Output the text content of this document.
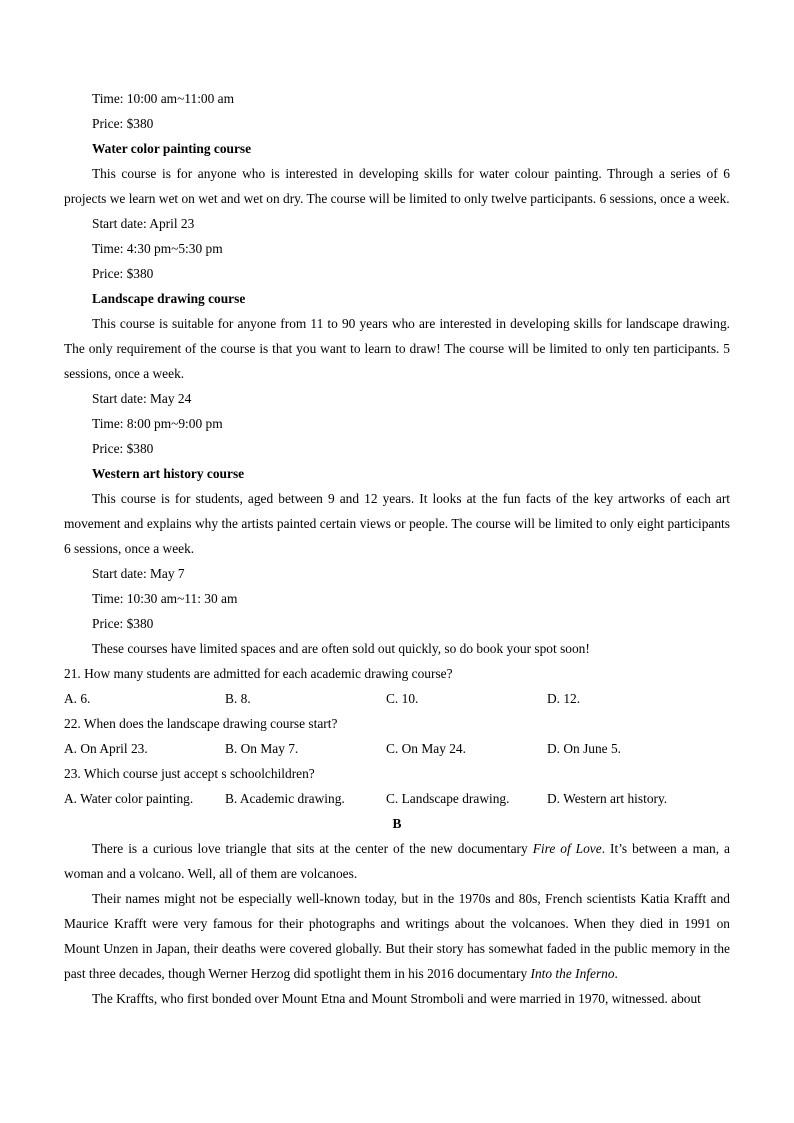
Time: 10:00 am~11:00 am
Price: $380
Water color painting course

This course is for anyone who is interested in developing skills for water colour painting. Through a series of 6 projects we learn wet on wet and wet on dry. The course will be limited to only twelve participants. 6 sessions, once a week.

Start date: April 23
Time: 4:30 pm~5:30 pm
Price: $380
Landscape drawing course

This course is suitable for anyone from 11 to 90 years who are interested in developing skills for landscape drawing. The only requirement of the course is that you want to learn to draw! The course will be limited to only ten participants. 5 sessions, once a week.

Start date: May 24
Time: 8:00 pm~9:00 pm
Price: $380
Western art history course

This course is for students, aged between 9 and 12 years. It looks at the fun facts of the key artworks of each art movement and explains why the artists painted certain views or people. The course will be limited to only eight participants 6 sessions, once a week.

Start date: May 7
Time: 10:30 am~11: 30 am
Price: $380
These courses have limited spaces and are often sold out quickly, so do book your spot soon!
21. How many students are admitted for each academic drawing course?
A. 6.	B. 8.	C. 10.	D. 12.
22. When does the landscape drawing course start?
A. On April 23.	B. On May 7.	C. On May 24.	D. On June 5.
23. Which course just accept s schoolchildren?
A. Water color painting.	B. Academic drawing.	C. Landscape drawing.	D. Western art history.
B

There is a curious love triangle that sits at the center of the new documentary Fire of Love. It’s between a man, a woman and a volcano. Well, all of them are volcanoes.

Their names might not be especially well-known today, but in the 1970s and 80s, French scientists Katia Krafft and Maurice Krafft were very famous for their photographs and writings about the volcanoes. When they died in 1991 on Mount Unzen in Japan, their deaths were covered globally. But their story has somewhat faded in the public memory in the past three decades, though Werner Herzog did spotlight them in his 2016 documentary Into the Inferno.

The Kraffts, who first bonded over Mount Etna and Mount Stromboli and were married in 1970, witnessed. about
